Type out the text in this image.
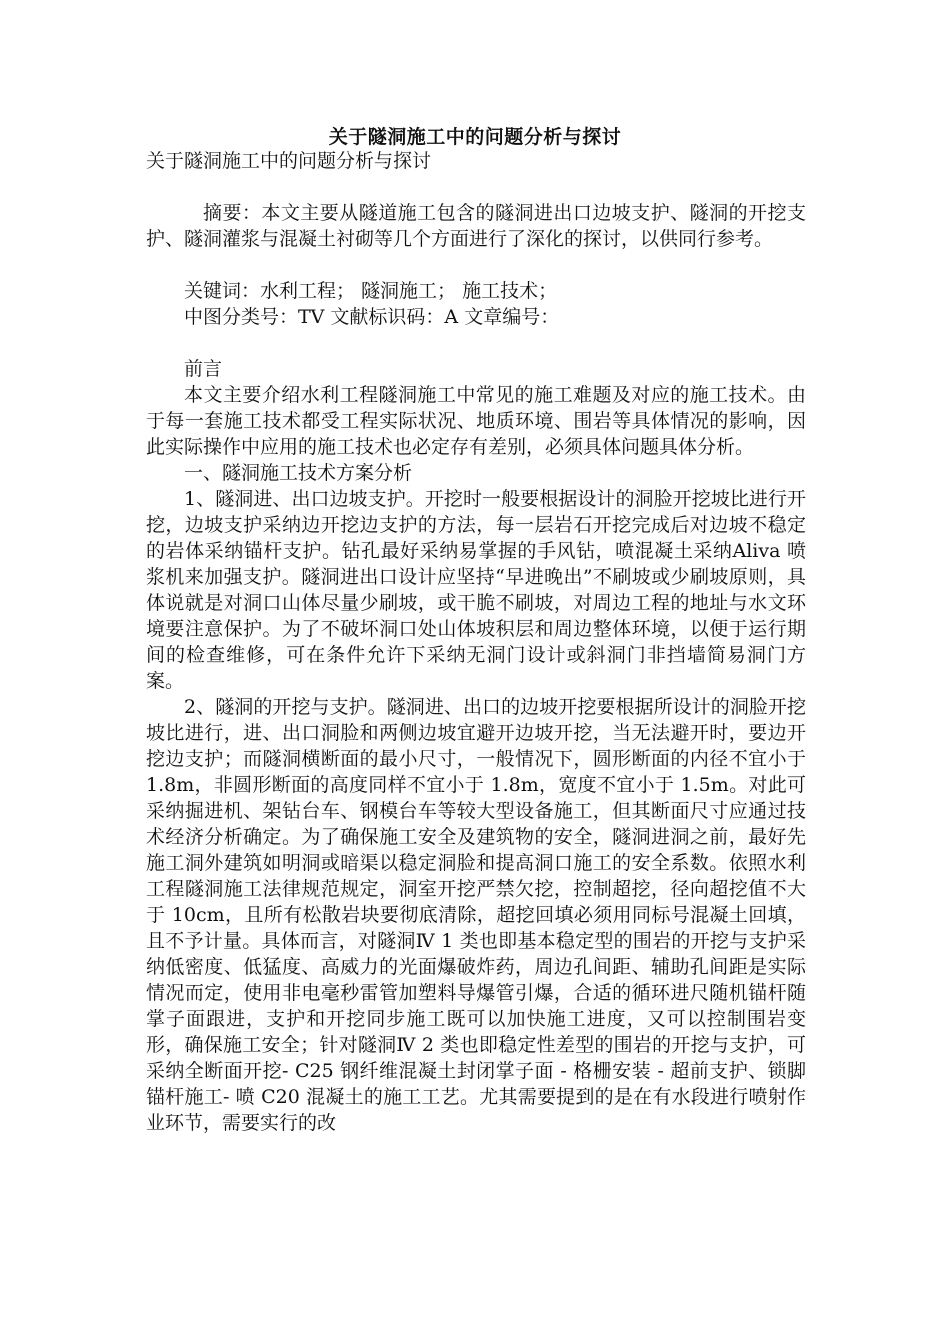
关于隧洞施工中的问题分析与探讨

关于隧洞施工中的问题分析与探讨

摘要：本文主要从隧道施工包含的隧洞进出口边坡支护、隧洞的开挖支护、隧洞灌浆与混凝土衬砌等几个方面进行了深化的探讨，以供同行参考。

关键词：水利工程； 隧洞施工； 施工技术；

中图分类号：TV 文献标识码：A 文章编号：

前言

本文主要介绍水利工程隧洞施工中常见的施工难题及对应的施工技术。由于每一套施工技术都受工程实际状况、地质环境、围岩等具体情况的影响，因此实际操作中应用的施工技术也必定存有差别，必须具体问题具体分析。

一、隧洞施工技术方案分析

1、隧洞进、出口边坡支护。开挖时一般要根据设计的洞脸开挖坡比进行开挖，边坡支护采纳边开挖边支护的方法，每一层岩石开挖完成后对边坡不稳定的岩体采纳锚杆支护。钻孔最好采纳易掌握的手风钻，喷混凝土采纳Aliva 喷浆机来加强支护。隧洞进出口设计应坚持“早进晚出”不刷坡或少刷坡原则，具体说就是对洞口山体尽量少刷坡，或干脆不刷坡，对周边工程的地址与水文环境要注意保护。为了不破坏洞口处山体坡积层和周边整体环境，以便于运行期间的检查维修，可在条件允许下采纳无洞门设计或斜洞门非挡墙简易洞门方案。

2、隧洞的开挖与支护。隧洞进、出口的边坡开挖要根据所设计的洞脸开挖坡比进行，进、出口洞脸和两侧边坡宜避开边坡开挖，当无法避开时，要边开挖边支护；而隧洞横断面的最小尺寸，一般情况下，圆形断面的内径不宜小于 1.8m，非圆形断面的高度同样不宜小于 1.8m，宽度不宜小于 1.5m。对此可采纳掘进机、架钻台车、钢模台车等较大型设备施工，但其断面尺寸应通过技术经济分析确定。为了确保施工安全及建筑物的安全，隧洞进洞之前，最好先施工洞外建筑如明洞或暗渠以稳定洞脸和提高洞口施工的安全系数。依照水利工程隧洞施工法律规范规定，洞室开挖严禁欠挖，控制超挖，径向超挖值不大于 10cm，且所有松散岩块要彻底清除，超挖回填必须用同标号混凝土回填，且不予计量。具体而言，对隧洞Ⅳ 1 类也即基本稳定型的围岩的开挖与支护采纳低密度、低猛度、高威力的光面爆破炸药，周边孔间距、辅助孔间距是实际情况而定，使用非电毫秒雷管加塑料导爆管引爆，合适的循环进尺随机锚杆随掌子面跟进，支护和开挖同步施工既可以加快施工进度，又可以控制围岩变形，确保施工安全；针对隧洞Ⅳ 2 类也即稳定性差型的围岩的开挖与支护，可采纳全断面开挖- C25 钢纤维混凝土封闭掌子面 - 格栅安装 - 超前支护、锁脚锚杆施工- 喷 C20 混凝土的施工工艺。尤其需要提到的是在有水段进行喷射作业环节，需要实行的改
